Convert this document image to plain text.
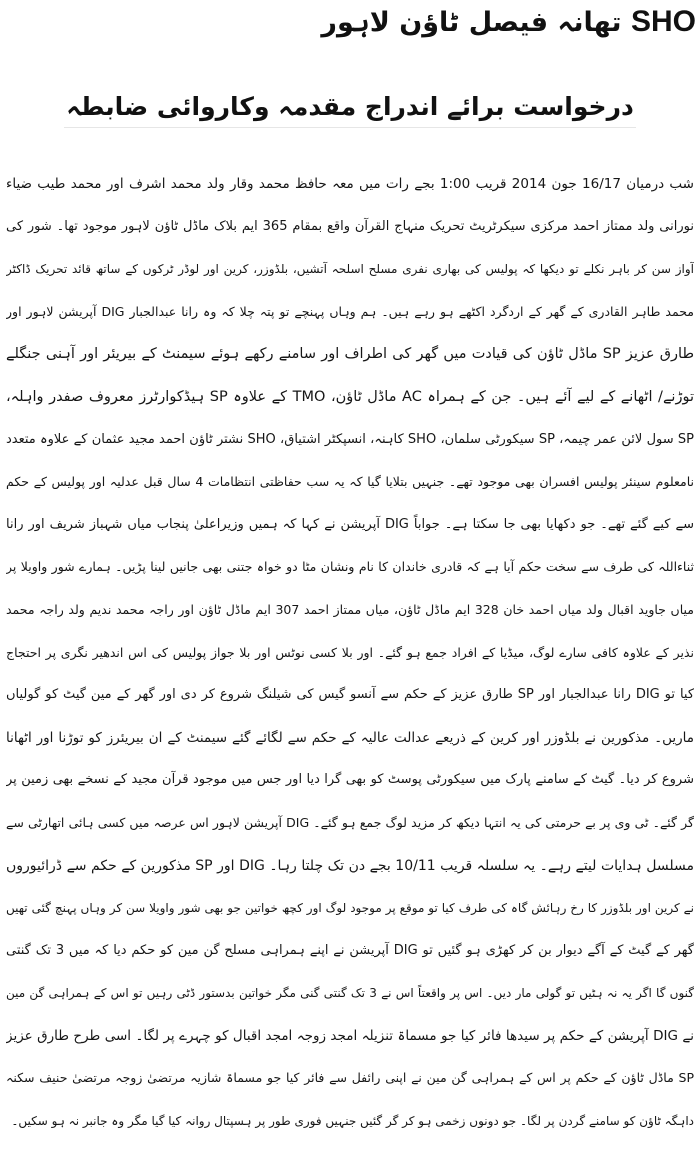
SHO تھانہ فیصل ٹاؤن لاہور
درخواست برائے اندراج مقدمہ وکاروائی ضابطہ
شب درمیان 16/17 جون 2014 قریب 1:00 بجے رات میں معہ حافظ محمد وقار ولد محمد اشرف اور محمد طیب ضیاء
نورانی ولد ممتاز احمد مرکزی سیکرٹریٹ تحریک منہاج القرآن واقع بمقام 365 ایم بلاک ماڈل ٹاؤن لاہور موجود تھا۔ شور کی
آواز سن کر باہر نکلے تو دیکھا کہ پولیس کی بھاری نفری مسلح اسلحہ آتشیں، بلڈوزر، کرین اور لوڈر ٹرکوں کے ساتھ قائد تحریک ڈاکٹر
محمد طاہر القادری کے گھر کے اردگرد اکٹھے ہو رہے ہیں۔ ہم وہاں پہنچے تو پتہ چلا کہ وہ رانا عبدالجبار DIG آپریشن لاہور اور
طارق عزیز SP ماڈل ٹاؤن کی قیادت میں گھر کی اطراف اور سامنے رکھے ہوئے سیمنٹ کے بیریئر اور آہنی جنگلے
توڑنے/ اٹھانے کے لیے آئے ہیں۔ جن کے ہمراہ AC ماڈل ٹاؤن، TMO کے علاوہ SP ہیڈکوارٹرز معروف صفدر واہلہ،
SP سول لائن عمر چیمہ، SP سیکورٹی سلمان، SHO کاہنہ، انسپکٹر اشتیاق، SHO نشتر ٹاؤن احمد مجید عثمان کے علاوہ متعدد
نامعلوم سینئر پولیس افسران بھی موجود تھے۔ جنہیں بتلایا گیا کہ یہ سب حفاظتی انتظامات 4 سال قبل عدلیہ اور پولیس کے حکم
سے کیے گئے تھے۔ جو دکھایا بھی جا سکتا ہے۔ جواباً DIG آپریشن نے کہا کہ ہمیں وزیراعلیٰ پنجاب میاں شہباز شریف اور رانا
ثناءاللہ کی طرف سے سخت حکم آیا ہے کہ قادری خاندان کا نام ونشان مٹا دو خواہ جتنی بھی جانیں لینا پڑیں۔ ہمارے شور واویلا پر
میاں جاوید اقبال ولد میاں احمد خان 328 ایم ماڈل ٹاؤن، میاں ممتاز احمد 307 ایم ماڈل ٹاؤن اور راجہ محمد ندیم ولد راجہ محمد
نذیر کے علاوہ کافی سارے لوگ، میڈیا کے افراد جمع ہو گئے۔ اور بلا کسی نوٹس اور بلا جواز پولیس کی اس اندھیر نگری پر احتجاج
کیا تو DIG رانا عبدالجبار اور SP طارق عزیز کے حکم سے آنسو گیس کی شیلنگ شروع کر دی اور گھر کے مین گیٹ کو گولیاں
ماریں۔ مذکورین نے بلڈوزر اور کرین کے ذریعے عدالت عالیہ کے حکم سے لگائے گئے سیمنٹ کے ان بیریئرز کو توڑنا اور اٹھانا
شروع کر دیا۔ گیٹ کے سامنے پارک میں سیکورٹی پوسٹ کو بھی گرا دیا اور جس میں موجود قرآن مجید کے نسخے بھی زمین پر
گر گئے۔ ٹی وی پر بے حرمتی کی یہ انتہا دیکھ کر مزید لوگ جمع ہو گئے۔ DIG آپریشن لاہور اس عرصہ میں کسی ہائی اتھارٹی سے
مسلسل ہدایات لیتے رہے۔ یہ سلسلہ قریب 10/11 بجے دن تک چلتا رہا۔ DIG اور SP مذکورین کے حکم سے ڈرائیوروں
نے کرین اور بلڈوزر کا رخ رہائش گاہ کی طرف کیا تو موقع پر موجود لوگ اور کچھ خواتین جو بھی شور واویلا سن کر وہاں پہنچ گئی تھیں
گھر کے گیٹ کے آگے دیوار بن کر کھڑی ہو گئیں تو DIG آپریشن نے اپنے ہمراہی مسلح گن مین کو حکم دیا کہ میں 3 تک گنتی
گنوں گا اگر یہ نہ ہٹیں تو گولی مار دیں۔ اس پر واقعتاً اس نے 3 تک گنتی گنی مگر خواتین بدستور ڈٹی رہیں تو اس کے ہمراہی گن مین
نے DIG آپریشن کے حکم پر سیدھا فائر کیا جو مسماۃ تنزیلہ امجد زوجہ امجد اقبال کو چہرے پر لگا۔ اسی طرح طارق عزیز
SP ماڈل ٹاؤن کے حکم پر اس کے ہمراہی گن مین نے اپنی رائفل سے فائر کیا جو مسماۃ شازیہ مرتضیٰ زوجہ مرتضیٰ حنیف سکنہ
داہگہ ٹاؤن کو سامنے گردن پر لگا۔ جو دونوں زخمی ہو کر گر گئیں جنہیں فوری طور پر ہسپتال روانہ کیا گیا مگر وہ جانبر نہ ہو سکیں۔
